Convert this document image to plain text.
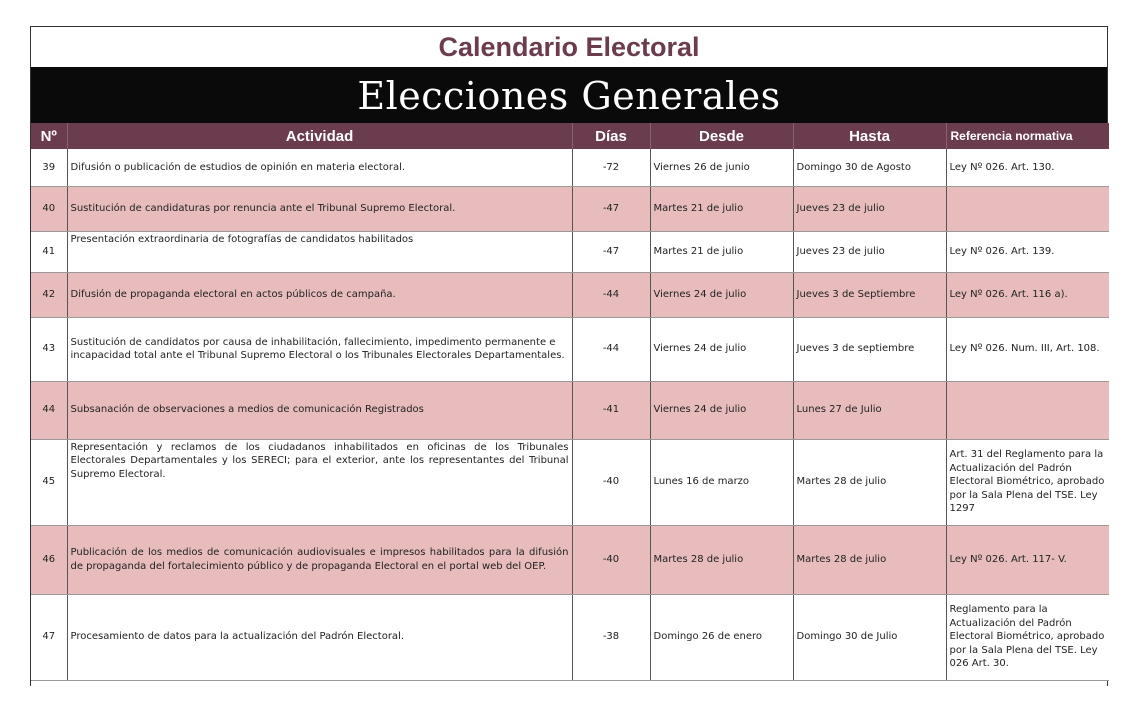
Calendario Electoral
Elecciones Generales
Nº	Actividad	Días	Desde	Hasta	Referencia normativa
39	Difusión o publicación de estudios de opinión en materia electoral.	-72	Viernes 26 de junio	Domingo 30 de Agosto	Ley Nº 026. Art. 130.
40	Sustitución de candidaturas por renuncia ante el Tribunal Supremo Electoral.	-47	Martes 21 de julio	Jueves 23 de julio	
41	Presentación extraordinaria de fotografías de candidatos habilitados	-47	Martes 21 de julio	Jueves 23 de julio	Ley Nº 026. Art. 139.
42	Difusión de propaganda electoral en actos públicos de campaña.	-44	Viernes 24 de julio	Jueves 3 de Septiembre	Ley Nº 026. Art. 116 a).
43	Sustitución de candidatos por causa de inhabilitación, fallecimiento, impedimento permanente e incapacidad total ante el Tribunal Supremo Electoral o los Tribunales Electorales Departamentales.	-44	Viernes 24 de julio	Jueves 3 de septiembre	Ley Nº 026. Num. III, Art. 108.
44	Subsanación de observaciones a medios de comunicación Registrados	-41	Viernes 24 de julio	Lunes 27 de Julio	
45	Representación y reclamos de los ciudadanos inhabilitados en oficinas de los Tribunales Electorales Departamentales y los SERECI; para el exterior, ante los representantes del Tribunal Supremo Electoral.	-40	Lunes 16 de marzo	Martes 28 de julio	Art. 31 del Reglamento para la Actualización del Padrón Electoral Biométrico, aprobado por la Sala Plena del TSE. Ley 1297
46	Publicación de los medios de comunicación audiovisuales e impresos habilitados para la difusión de propaganda del fortalecimiento público y de propaganda Electoral en el portal web del OEP.	-40	Martes 28 de julio	Martes 28 de julio	Ley Nº 026. Art. 117- V.
47	Procesamiento de datos para la actualización del Padrón Electoral.	-38	Domingo 26 de enero	Domingo 30 de Julio	Reglamento para la Actualización del Padrón Electoral Biométrico, aprobado por la Sala Plena del TSE. Ley 026 Art. 30.
